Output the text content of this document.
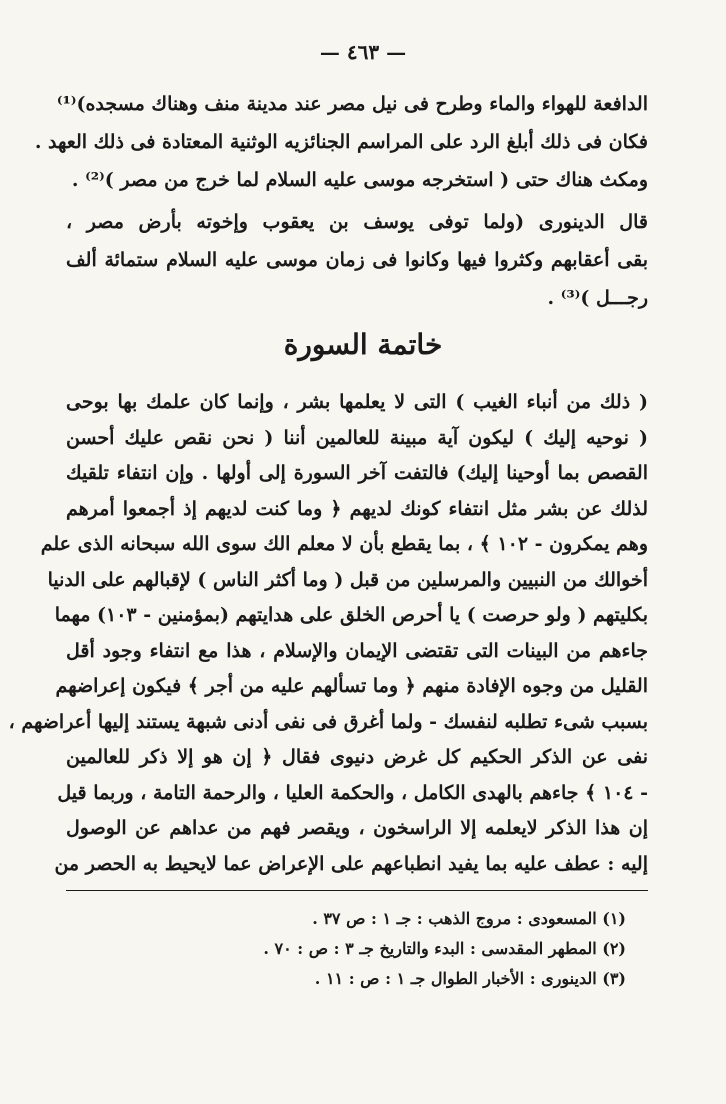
— ٤٦٣ —
الدافعة للهواء والماء وطرح فى نيل مصر عند مدينة منف وهناك مسجده)⁽¹⁾
فكان فى ذلك أبلغ الرد على المراسم الجنائزيه الوثنية المعتادة فى ذلك العهد .
ومكث هناك حتى ( استخرجه موسى عليه السلام لما خرج من مصر )⁽²⁾ .
قال الدينورى (ولما توفى يوسف بن يعقوب وإخوته بأرض مصر ،
بقى أعقابهم وكثروا فيها وكانوا فى زمان موسى عليه السلام ستمائة ألف
رجـــل )⁽³⁾ .
خاتمة السورة
( ذلك من أنباء الغيب ) التى لا يعلمها بشر ، وإنما كان علمك بها بوحى
( نوحيه إليك ) ليكون آية مبينة للعالمين أننا ( نحن نقص عليك أحسن
القصص بما أوحينا إليك) فالتفت آخر السورة إلى أولها . وإن انتفاء تلقيك
لذلك عن بشر مثل انتفاء كونك لديهم ﴿ وما كنت لديهم إذ أجمعوا أمرهم
وهم يمكرون - ١٠٢ ﴾ ، بما يقطع بأن لا معلم الك سوى الله سبحانه الذى علم
أخوالك من النبيين والمرسلين من قبل ( وما أكثر الناس ) لإقبالهم على الدنيا
بكليتهم ( ولو حرصت ) يا أحرص الخلق على هدايتهم (بمؤمنين - ١٠٣) مهما
جاءهم من البينات التى تقتضى الإيمان والإسلام ، هذا مع انتفاء وجود أقل
القليل من وجوه الإفادة منهم ﴿ وما تسألهم عليه من أجر ﴾ فيكون إعراضهم
بسبب شىء تطلبه لنفسك - ولما أغرق فى نفى أدنى شبهة يستند إليها أعراضهم ،
نفى عن الذكر الحكيم كل غرض دنيوى فقال ﴿ إن هو إلا ذكر للعالمين
- ١٠٤ ﴾ جاءهم بالهدى الكامل ، والحكمة العليا ، والرحمة التامة ، وربما قيل
إن هذا الذكر لايعلمه إلا الراسخون ، ويقصر فهم من عداهم عن الوصول
إليه : عطف عليه بما يفيد انطباعهم على الإعراض عما لايحيط به الحصر من
(١) المسعودى : مروج الذهب : جـ ١ : ص ٣٧ .
(٢) المطهر المقدسى : البدء والتاريخ جـ ٣ : ص : ٧٠ .
(٣) الدينورى : الأخبار الطوال جـ ١ : ص : ١١ .
